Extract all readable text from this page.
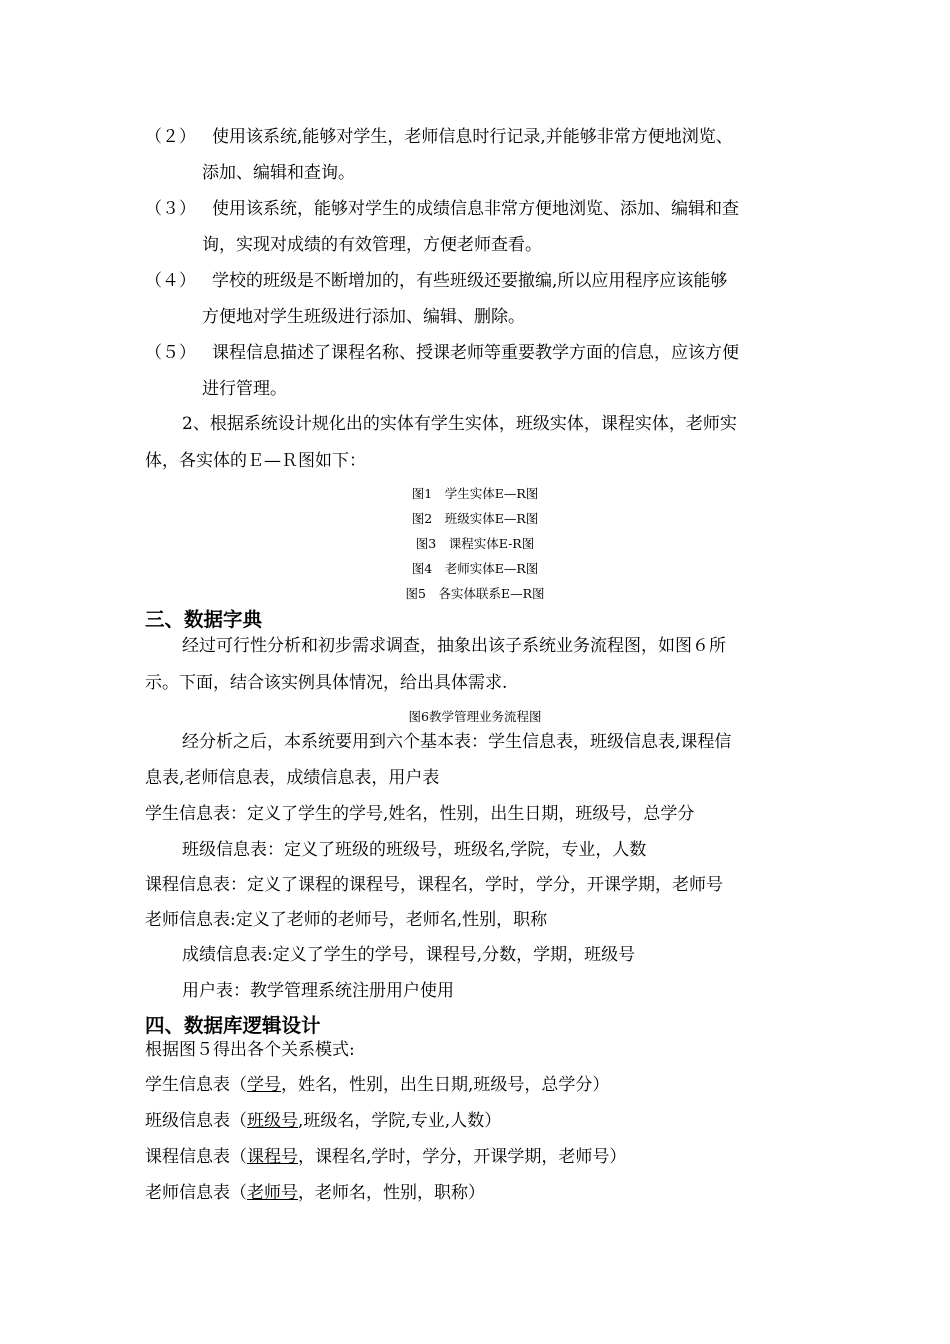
（２） 使用该系统,能够对学生，老师信息时行记录,并能够非常方便地浏览、
添加、编辑和查询。
（３） 使用该系统，能够对学生的成绩信息非常方便地浏览、添加、编辑和查
询，实现对成绩的有效管理，方便老师查看。
（４） 学校的班级是不断增加的，有些班级还要撤编,所以应用程序应该能够
方便地对学生班级进行添加、编辑、删除。
（５） 课程信息描述了课程名称、授课老师等重要教学方面的信息，应该方便
进行管理。
2、根据系统设计规化出的实体有学生实体，班级实体，课程实体，老师实
体，各实体的Ｅ—Ｒ图如下：
图1　学生实体E—R图
图2　班级实体E—R图
图3　课程实体E-R图
图4　老师实体E—R图
图5　各实体联系E—R图
三、数据字典
经过可行性分析和初步需求调查，抽象出该子系统业务流程图，如图６所
示。下面，结合该实例具体情况，给出具体需求.
图6教学管理业务流程图
经分析之后，本系统要用到六个基本表：学生信息表，班级信息表,课程信
息表,老师信息表，成绩信息表，用户表
学生信息表：定义了学生的学号,姓名，性别，出生日期，班级号，总学分
班级信息表：定义了班级的班级号，班级名,学院，专业，人数
课程信息表：定义了课程的课程号，课程名，学时，学分，开课学期，老师号
老师信息表:定义了老师的老师号，老师名,性别，职称
成绩信息表:定义了学生的学号，课程号,分数，学期，班级号
用户表：教学管理系统注册用户使用
四、数据库逻辑设计
根据图５得出各个关系模式:
学生信息表（学号，姓名，性别，出生日期,班级号，总学分）
班级信息表（班级号,班级名，学院,专业,人数）
课程信息表（课程号，课程名,学时，学分，开课学期，老师号）
老师信息表（老师号，老师名，性别，职称）
